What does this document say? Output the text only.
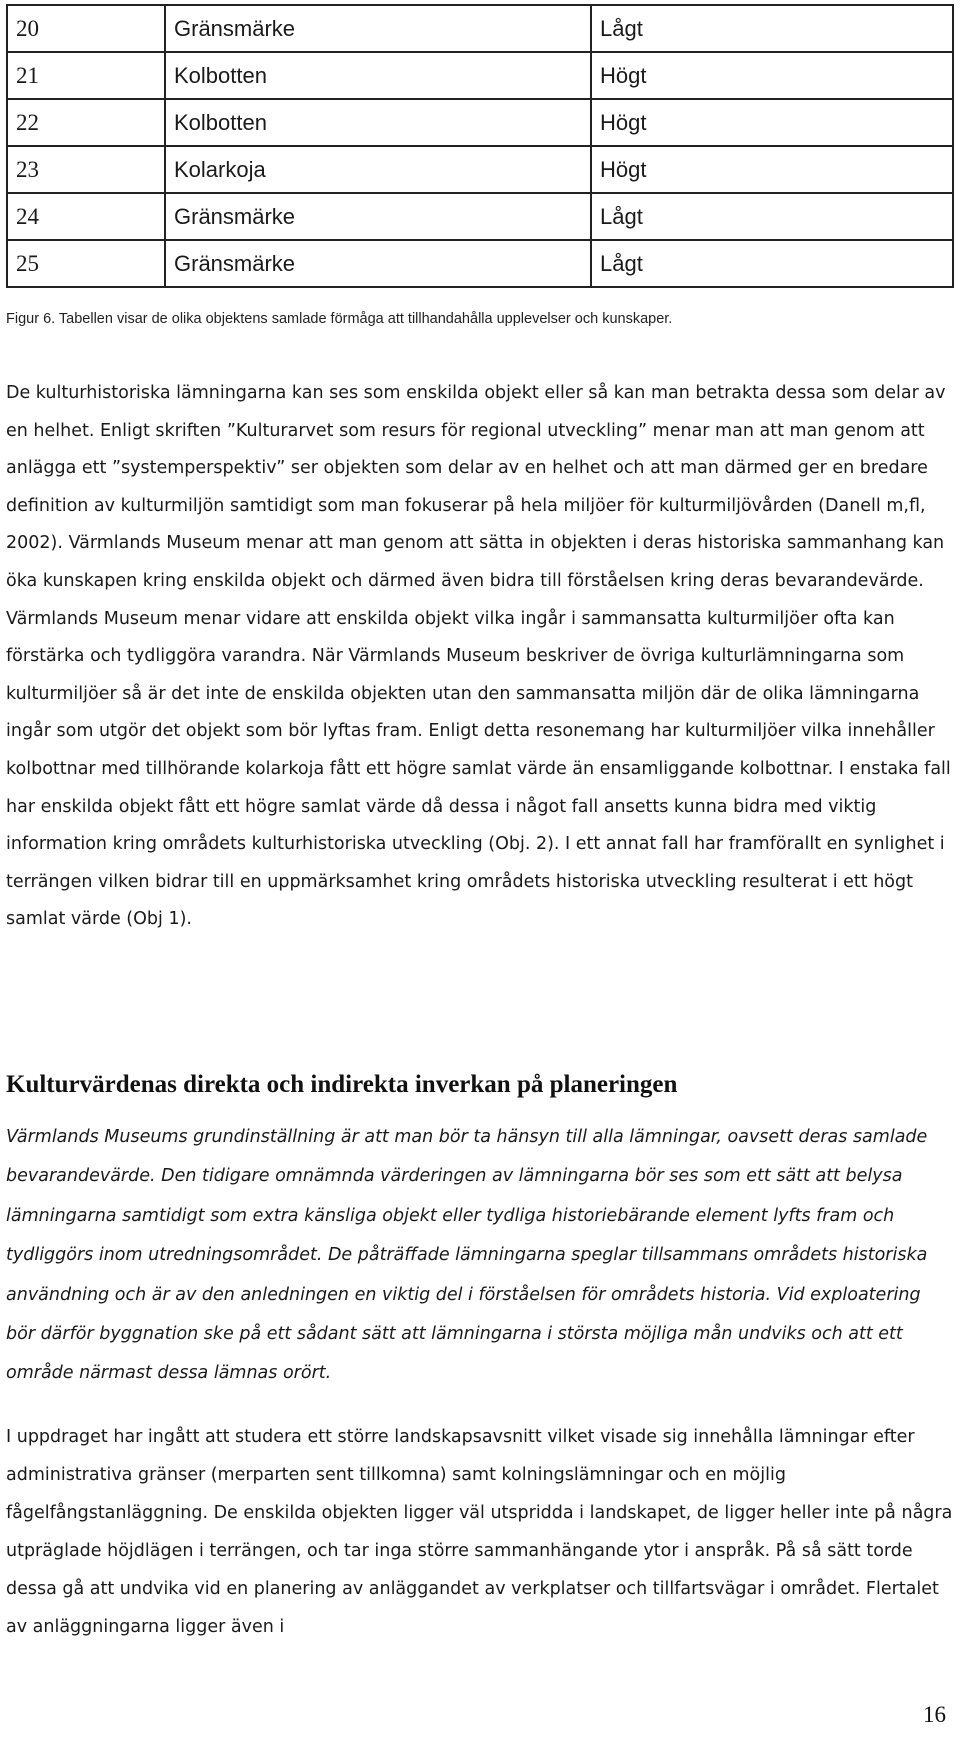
20	Gränsmärke	Lågt
21	Kolbotten	Högt
22	Kolbotten	Högt
23	Kolarkoja	Högt
24	Gränsmärke	Lågt
25	Gränsmärke	Lågt
Figur 6. Tabellen visar de olika objektens samlade förmåga att tillhandahålla upplevelser och kunskaper.

De kulturhistoriska lämningarna kan ses som enskilda objekt eller så kan man betrakta dessa som delar av en helhet. Enligt skriften ”Kulturarvet som resurs för regional utveckling” menar man att man genom att anlägga ett ”systemperspektiv” ser objekten som delar av en helhet och att man därmed ger en bredare definition av kulturmiljön samtidigt som man fokuserar på hela miljöer för kulturmiljövården (Danell m,fl, 2002). Värmlands Museum menar att man genom att sätta in objekten i deras historiska sammanhang kan öka kunskapen kring enskilda objekt och därmed även bidra till förståelsen kring deras bevarandevärde. Värmlands Museum menar vidare att enskilda objekt vilka ingår i sammansatta kulturmiljöer ofta kan förstärka och tydliggöra varandra. När Värmlands Museum beskriver de övriga kulturlämningarna som kulturmiljöer så är det inte de enskilda objekten utan den sammansatta miljön där de olika lämningarna ingår som utgör det objekt som bör lyftas fram. Enligt detta resonemang har kulturmiljöer vilka innehåller kolbottnar med tillhörande kolarkoja fått ett högre samlat värde än ensamliggande kolbottnar. I enstaka fall har enskilda objekt fått ett högre samlat värde då dessa i något fall ansetts kunna bidra med viktig information kring områdets kulturhistoriska utveckling (Obj. 2). I ett annat fall har framförallt en synlighet i terrängen vilken bidrar till en uppmärksamhet kring områdets historiska utveckling resulterat i ett högt samlat värde (Obj 1).

Kulturvärdenas direkta och indirekta inverkan på planeringen

Värmlands Museums grundinställning är att man bör ta hänsyn till alla lämningar, oavsett deras samlade bevarandevärde. Den tidigare omnämnda värderingen av lämningarna bör ses som ett sätt att belysa lämningarna samtidigt som extra känsliga objekt eller tydliga historiebärande element lyfts fram och tydliggörs inom utredningsområdet. De påträffade lämningarna speglar tillsammans områdets historiska användning och är av den anledningen en viktig del i förståelsen för områdets historia. Vid exploatering bör därför byggnation ske på ett sådant sätt att lämningarna i största möjliga mån undviks och att ett område närmast dessa lämnas orört.

I uppdraget har ingått att studera ett större landskapsavsnitt vilket visade sig innehålla lämningar efter administrativa gränser (merparten sent tillkomna) samt kolningslämningar och en möjlig fågelfångstanläggning. De enskilda objekten ligger väl utspridda i landskapet, de ligger heller inte på några utpräglade höjdlägen i terrängen, och tar inga större sammanhängande ytor i anspråk. På så sätt torde dessa gå att undvika vid en planering av anläggandet av verkplatser och tillfartsvägar i området. Flertalet av anläggningarna ligger även i

16
